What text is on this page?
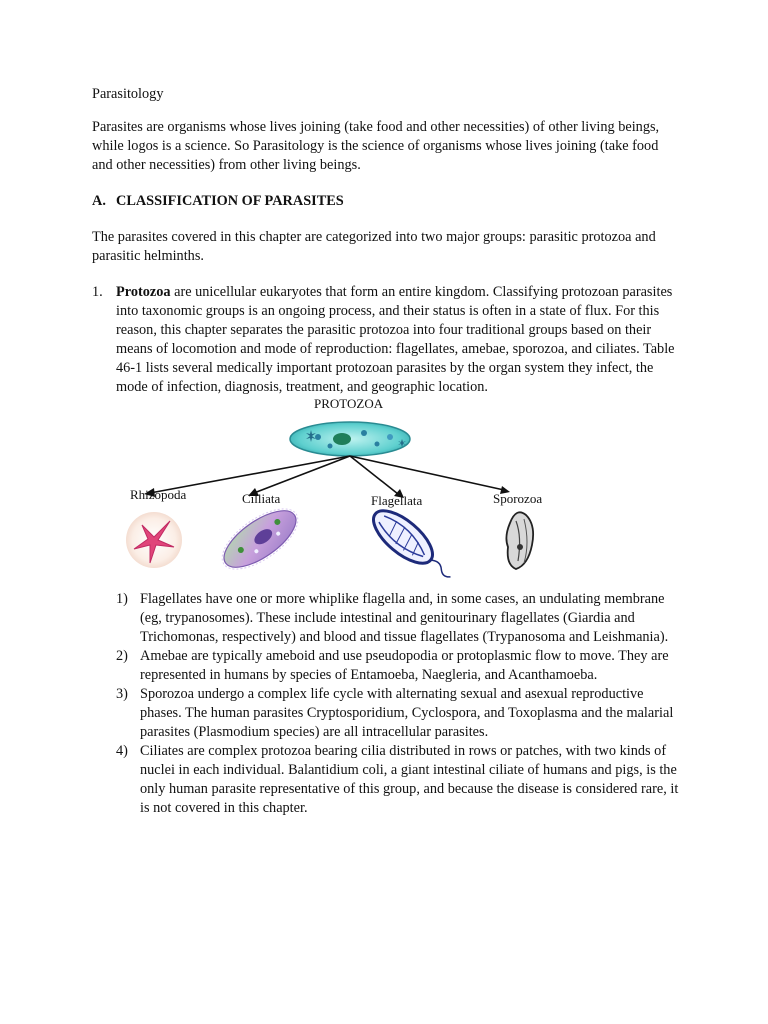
Parasitology

Parasites are organisms whose lives joining (take food and other necessities) of other living beings, while logos is a science. So Parasitology is the science of organisms whose lives joining (take food and other necessities) from other living beings.

A. CLASSIFICATION OF PARASITES

The parasites covered in this chapter are categorized into two major groups: parasitic protozoa and parasitic helminths.

1. Protozoa are unicellular eukaryotes that form an entire kingdom. Classifying protozoan parasites into taxonomic groups is an ongoing process, and their status is often in a state of flux. For this reason, this chapter separates the parasitic protozoa into four traditional groups based on their means of locomotion and mode of reproduction: flagellates, amebae, sporozoa, and ciliates. Table 46-1 lists several medically important protozoan parasites by the organ system they infect, the mode of infection, diagnosis, treatment, and geographic location.

PROTOZOA
Rhizopoda	Cilliata	Flagellata	Sporozoa
1) Flagellates have one or more whiplike flagella and, in some cases, an undulating membrane (eg, trypanosomes). These include intestinal and genitourinary flagellates (Giardia and Trichomonas, respectively) and blood and tissue flagellates (Trypanosoma and Leishmania).

2) Amebae are typically ameboid and use pseudopodia or protoplasmic flow to move. They are represented in humans by species of Entamoeba, Naegleria, and Acanthamoeba.

3) Sporozoa undergo a complex life cycle with alternating sexual and asexual reproductive phases. The human parasites Cryptosporidium, Cyclospora, and Toxoplasma and the malarial parasites (Plasmodium species) are all intracellular parasites.

4) Ciliates are complex protozoa bearing cilia distributed in rows or patches, with two kinds of nuclei in each individual. Balantidium coli, a giant intestinal ciliate of humans and pigs, is the only human parasite representative of this group, and because the disease is considered rare, it is not covered in this chapter.
